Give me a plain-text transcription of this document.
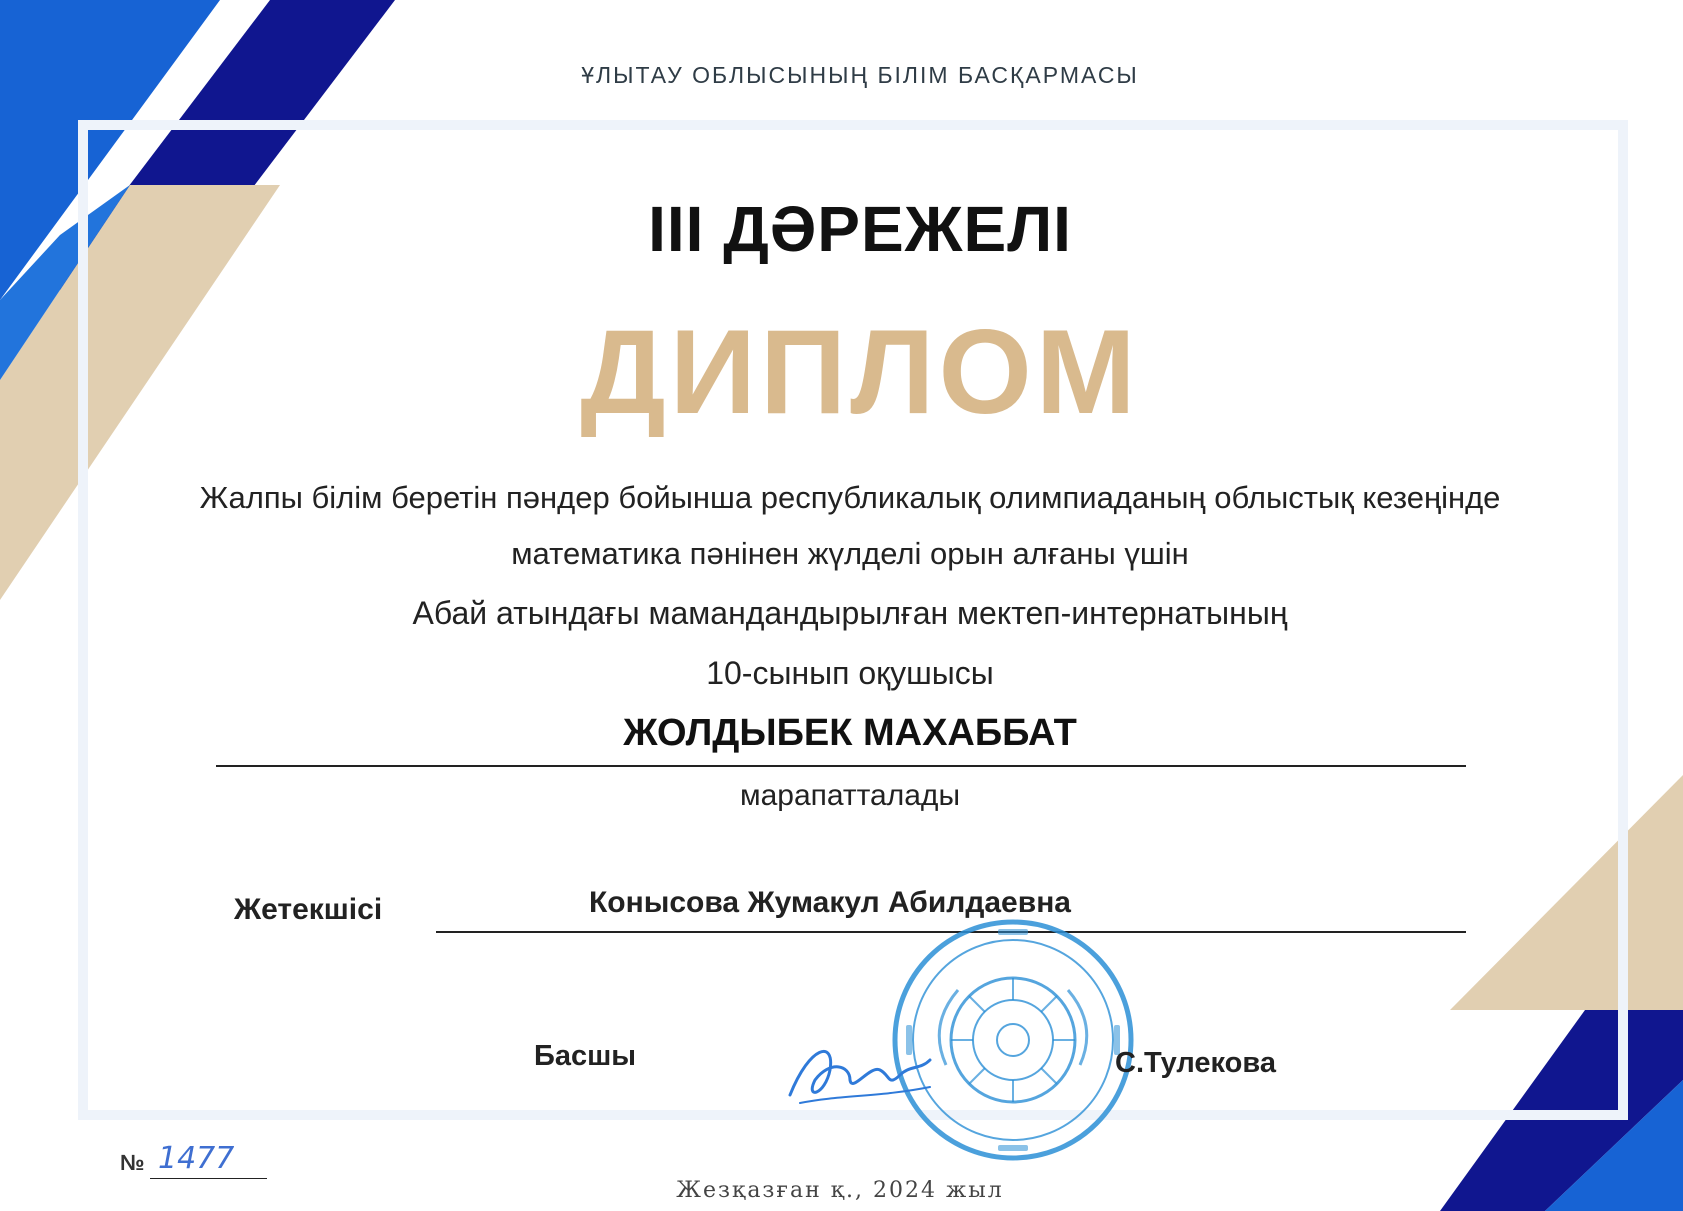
ҰЛЫТАУ ОБЛЫСЫНЫҢ БІЛІМ БАСҚАРМАСЫ
III ДӘРЕЖЕЛІ
ДИПЛОМ
Жалпы білім беретін пәндер бойынша республикалық олимпиаданың облыстық кезеңінде
математика пәнінен жүлделі орын алғаны үшін
Абай атындағы мамандандырылған мектеп-интернатының
10-сынып оқушысы
ЖОЛДЫБЕК МАХАББАТ
марапатталады
Жетекшісі	Конысова Жумакул Абилдаевна
Басшы	С.Тулекова
№ 1477
Жезқазған қ., 2024 жыл
